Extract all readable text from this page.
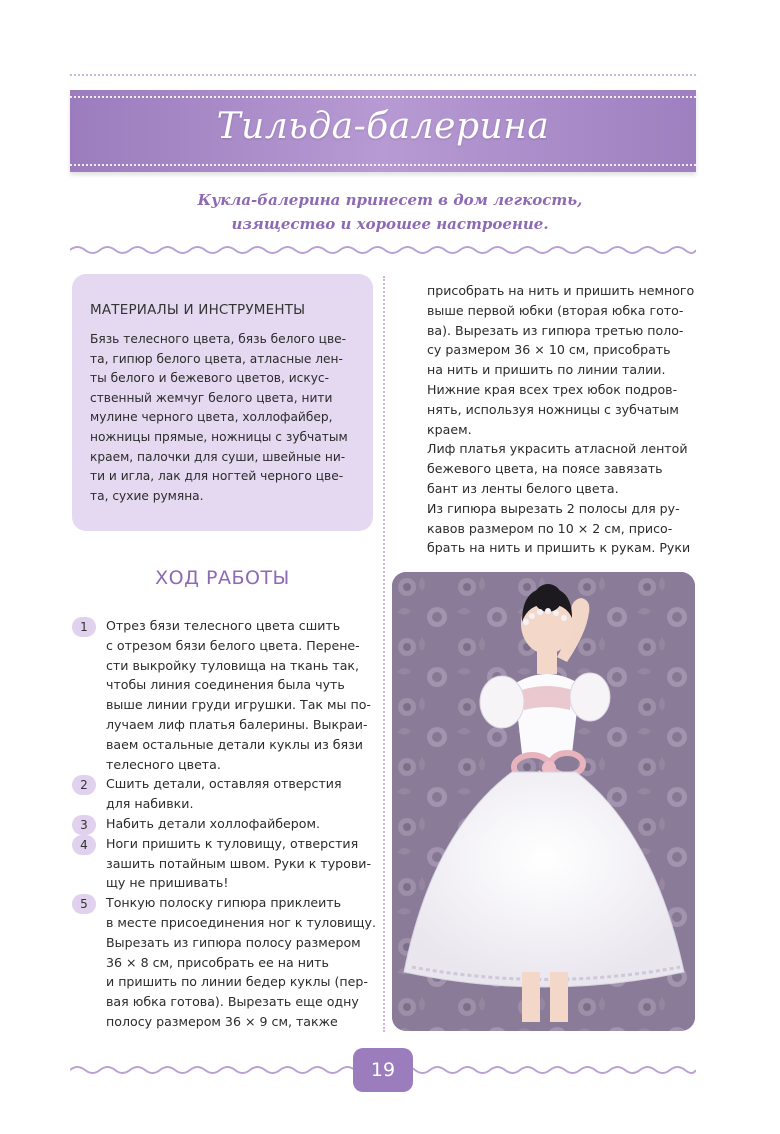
Тильда-балерина
Кукла-балерина принесет в дом легкость,
изящество и хорошее настроение.
МАТЕРИАЛЫ И ИНСТРУМЕНТЫ
Бязь телесного цвета, бязь белого цве-
та, гипюр белого цвета, атласные лен-
ты белого и бежевого цветов, искус-
ственный жемчуг белого цвета, нити
мулине черного цвета, холлофайбер,
ножницы прямые, ножницы с зубчатым
краем, палочки для суши, швейные ни-
ти и игла, лак для ногтей черного цве-
та, сухие румяна.
ХОД РАБОТЫ
1	Отрез бязи телесного цвета сшить
с отрезом бязи белого цвета. Перене-
сти выкройку туловища на ткань так,
чтобы линия соединения была чуть
выше линии груди игрушки. Так мы по-
лучаем лиф платья балерины. Выкраи-
ваем остальные детали куклы из бязи
телесного цвета.
2	Сшить детали, оставляя отверстия
для набивки.
3	Набить детали холлофайбером.
4	Ноги пришить к туловищу, отверстия
зашить потайным швом. Руки к турови-
щу не пришивать!
5	Тонкую полоску гипюра приклеить
в месте присоединения ног к туловищу.
Вырезать из гипюра полосу размером
36 × 8 см, присобрать ее на нить
и пришить по линии бедер куклы (пер-
вая юбка готова). Вырезать еще одну
полосу размером 36 × 9 см, также

присобрать на нить и пришить немного

выше первой юбки (вторая юбка гото-

ва). Вырезать из гипюра третью поло-

су размером 36 × 10 см, присобрать

на нить и пришить по линии талии.

Нижние края всех трех юбок подров-

нять, используя ножницы с зубчатым

краем.

Лиф платья украсить атласной лентой

бежевого цвета, на поясе завязать

бант из ленты белого цвета.

Из гипюра вырезать 2 полосы для ру-

кавов размером по 10 × 2 см, присо-

брать на нить и пришить к рукам. Руки

19
